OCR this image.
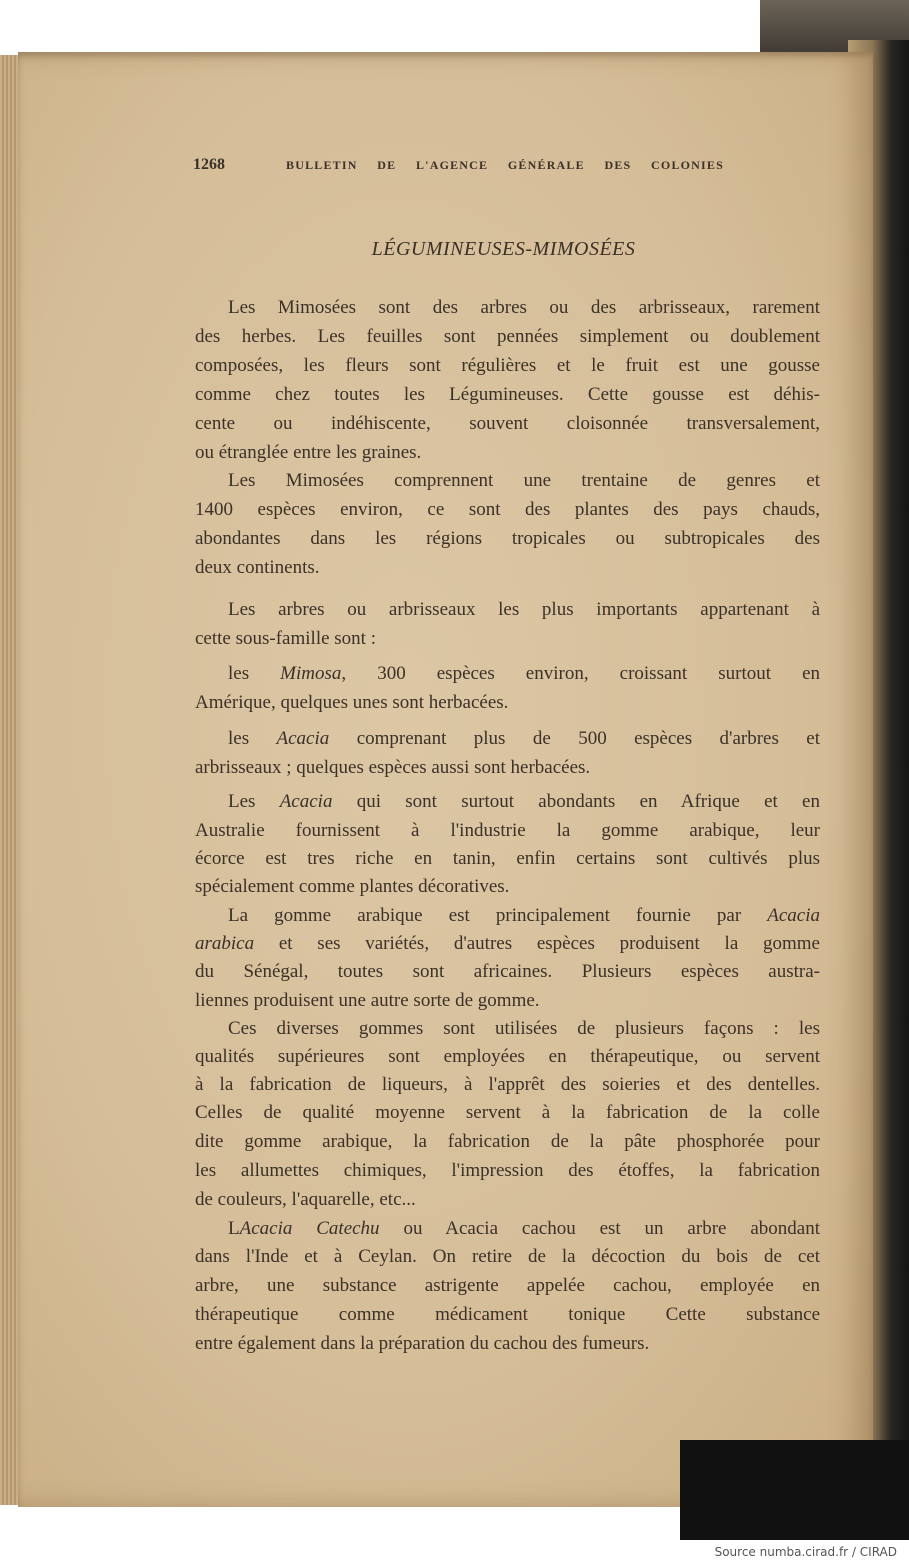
1268	BULLETIN DE L'AGENCE GÉNÉRALE DES COLONIES
LÉGUMINEUSES-MIMOSÉES
Les Mimosées sont des arbres ou des arbrisseaux, rarement
des herbes. Les feuilles sont pennées simplement ou doublement
composées, les fleurs sont régulières et le fruit est une gousse
comme chez toutes les Légumineuses. Cette gousse est déhis-
cente ou indéhiscente, souvent cloisonnée transversalement,
ou étranglée entre les graines.
Les Mimosées comprennent une trentaine de genres et
1400 espèces environ, ce sont des plantes des pays chauds,
abondantes dans les régions tropicales ou subtropicales des
deux continents.
Les arbres ou arbrisseaux les plus importants appartenant à
cette sous-famille sont :
les Mimosa, 300 espèces environ, croissant surtout en
Amérique, quelques unes sont herbacées.
les Acacia comprenant plus de 500 espèces d'arbres et
arbrisseaux ; quelques espèces aussi sont herbacées.
Les Acacia qui sont surtout abondants en Afrique et en
Australie fournissent à l'industrie la gomme arabique, leur
écorce est tres riche en tanin, enfin certains sont cultivés plus
spécialement comme plantes décoratives.
La gomme arabique est principalement fournie par Acacia
arabica et ses variétés, d'autres espèces produisent la gomme
du Sénégal, toutes sont africaines. Plusieurs espèces austra-
liennes produisent une autre sorte de gomme.
Ces diverses gommes sont utilisées de plusieurs façons : les
qualités supérieures sont employées en thérapeutique, ou servent
à la fabrication de liqueurs, à l'apprêt des soieries et des dentelles.
Celles de qualité moyenne servent à la fabrication de la colle
dite gomme arabique, la fabrication de la pâte phosphorée pour
les allumettes chimiques, l'impression des étoffes, la fabrication
de couleurs, l'aquarelle, etc...
LAcacia Catechu ou Acacia cachou est un arbre abondant
dans l'Inde et à Ceylan. On retire de la décoction du bois de cet
arbre, une substance astrigente appelée cachou, employée en
thérapeutique comme médicament tonique Cette substance
entre également dans la préparation du cachou des fumeurs.
Source numba.cirad.fr / CIRAD
